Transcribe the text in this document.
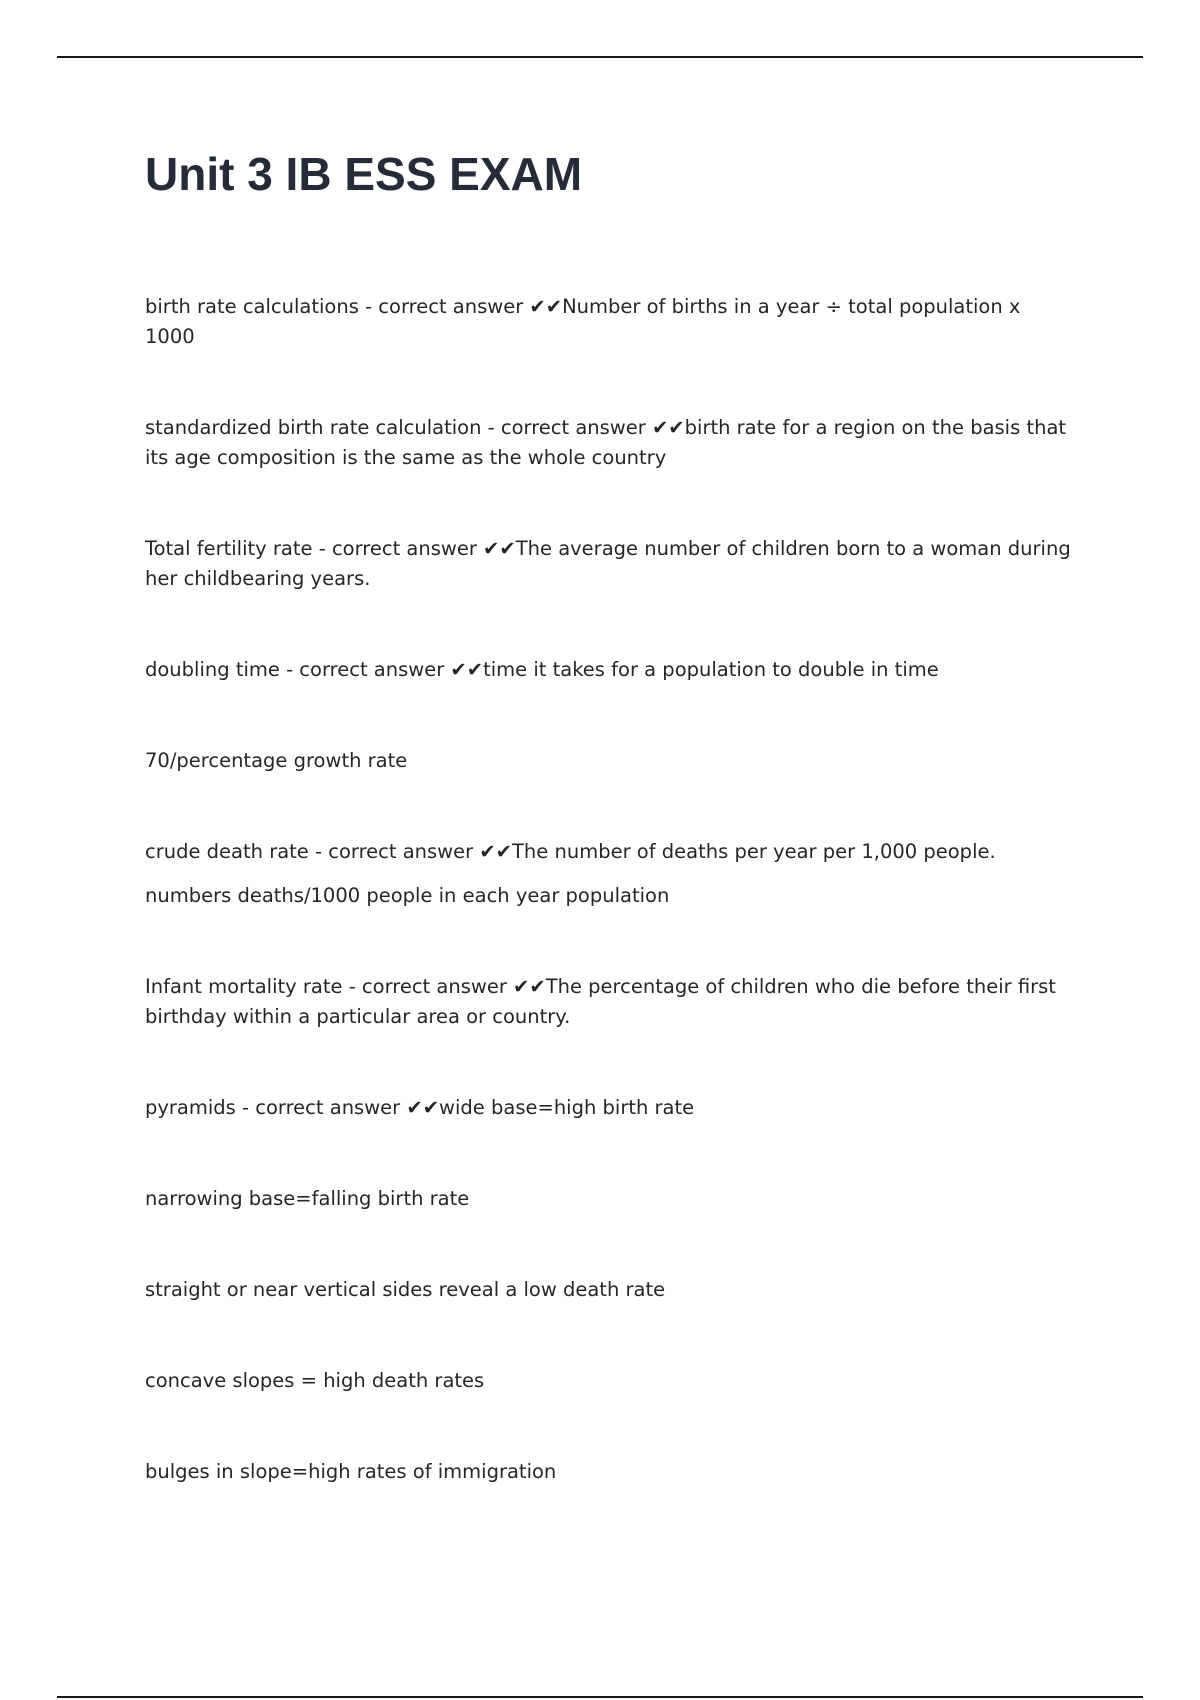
Unit 3 IB ESS EXAM

birth rate calculations - correct answer ✔✔Number of births in a year ÷ total population x 1000

standardized birth rate calculation - correct answer ✔✔birth rate for a region on the basis that its age composition is the same as the whole country

Total fertility rate - correct answer ✔✔The average number of children born to a woman during her childbearing years.

doubling time - correct answer ✔✔time it takes for a population to double in time

70/percentage growth rate

crude death rate - correct answer ✔✔The number of deaths per year per 1,000 people.

numbers deaths/1000 people in each year population

Infant mortality rate - correct answer ✔✔The percentage of children who die before their first birthday within a particular area or country.

pyramids - correct answer ✔✔wide base=high birth rate

narrowing base=falling birth rate

straight or near vertical sides reveal a low death rate

concave slopes = high death rates

bulges in slope=high rates of immigration
